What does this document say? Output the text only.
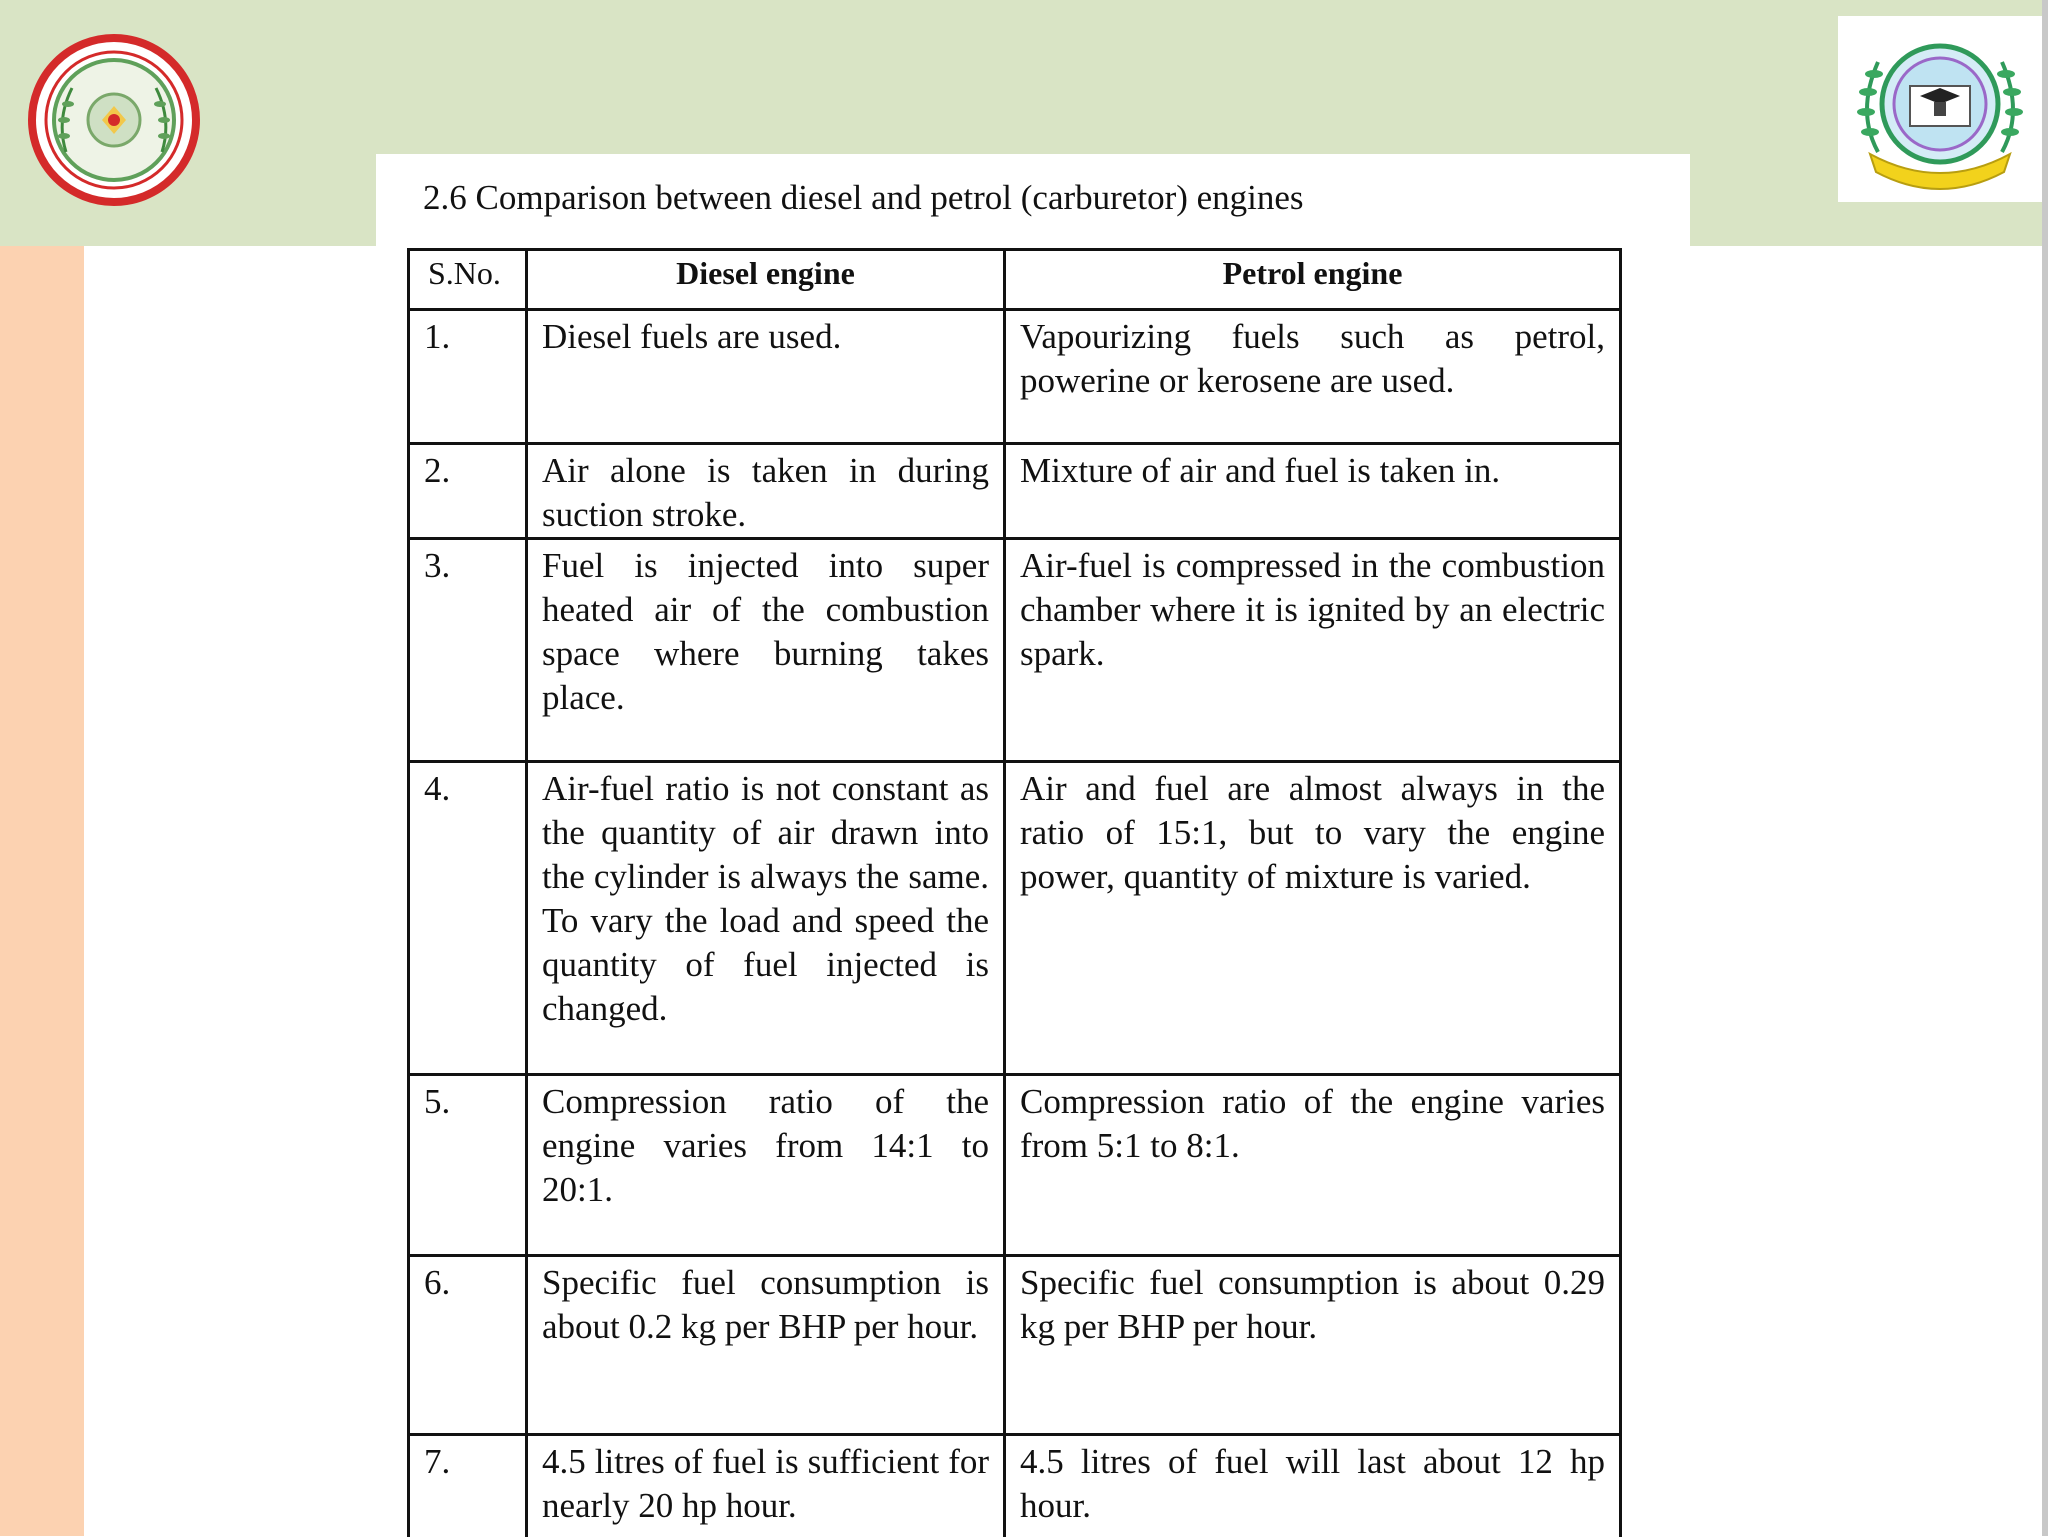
2.6 Comparison between diesel and petrol (carburetor) engines
S.No.	Diesel engine	Petrol engine
1.	Diesel fuels are used.	Vapourizing fuels such as petrol, powerine or kerosene are used.
2.	Air alone is taken in during suction stroke.	Mixture of air and fuel is taken in.
3.	Fuel is injected into super heated air of the combustion space where burning takes place.	Air-fuel is compressed in the combustion chamber where it is ignited by an electric spark.
4.	Air-fuel ratio is not constant as the quantity of air drawn into the cylinder is always the same. To vary the load and speed the quantity of fuel injected is changed.	Air and fuel are almost always in the ratio of 15:1, but to vary the engine power, quantity of mixture is varied.
5.	Compression ratio of the engine varies from 14:1 to 20:1.	Compression ratio of the engine varies from 5:1 to 8:1.
6.	Specific fuel consumption is about 0.2 kg per BHP per hour.	Specific fuel consumption is about 0.29 kg per BHP per hour.
7.	4.5 litres of fuel is sufficient for nearly 20 hp hour.	4.5 litres of fuel will last about 12 hp hour.
